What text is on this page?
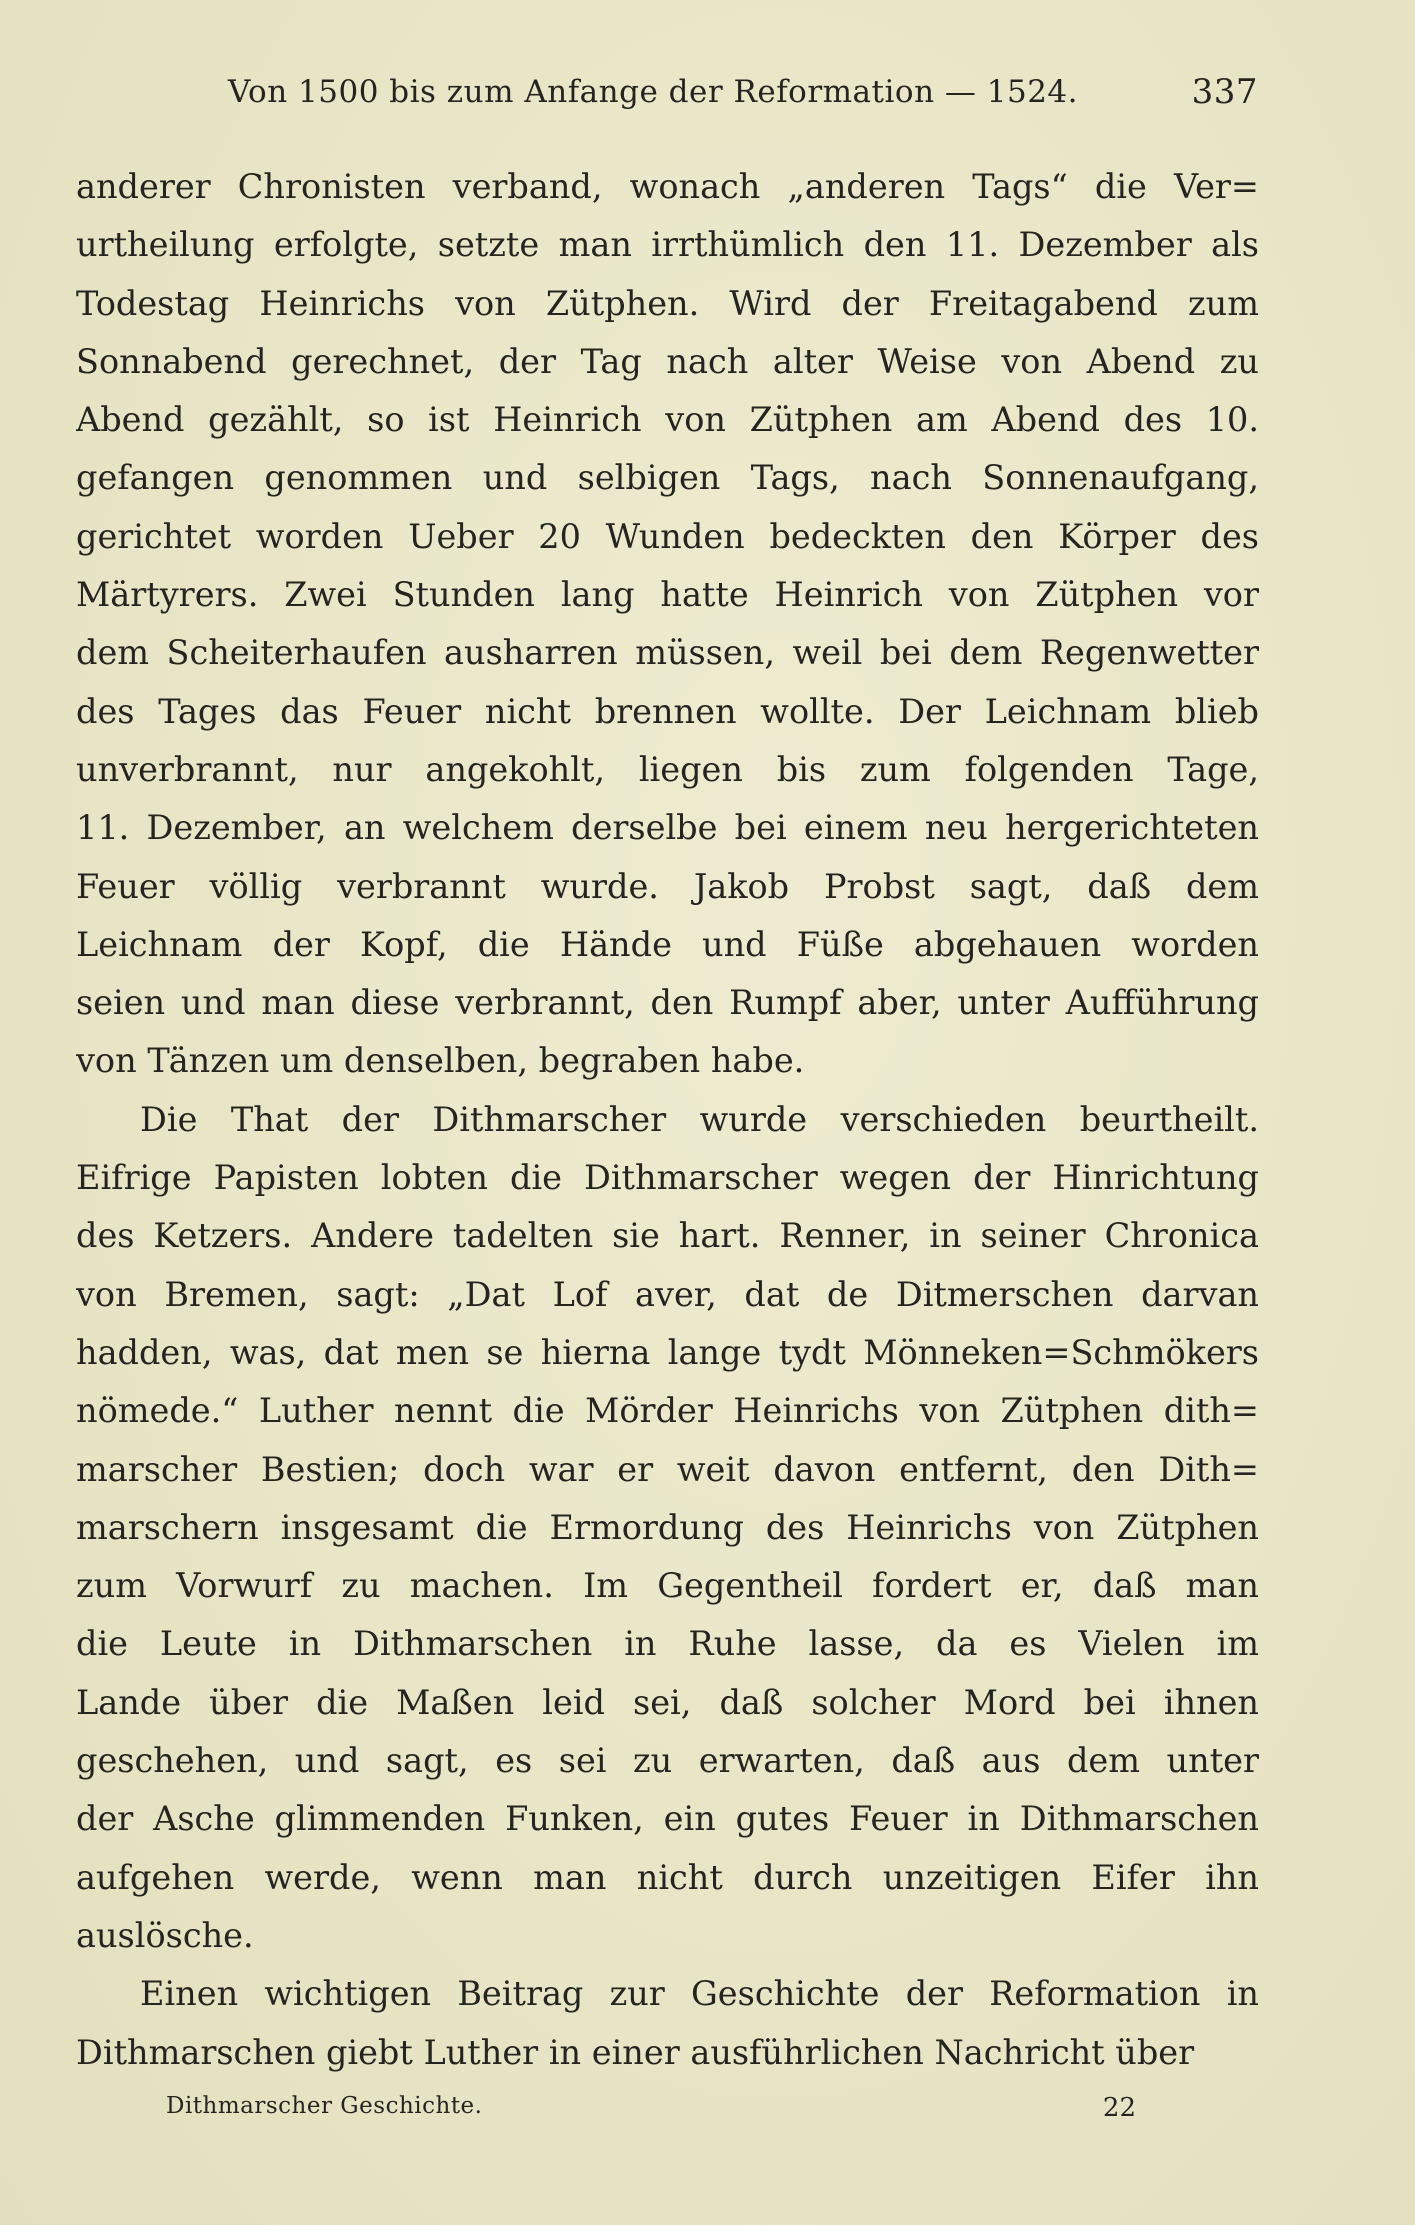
Von 1500 bis zum Anfange der Reformation — 1524.	337
anderer Chronisten verband, wonach „anderen Tags“ die Ver=
urtheilung erfolgte, setzte man irrthümlich den 11. Dezember als
Todestag Heinrichs von Zütphen. Wird der Freitagabend zum
Sonnabend gerechnet, der Tag nach alter Weise von Abend zu
Abend gezählt, so ist Heinrich von Zütphen am Abend des 10.
gefangen genommen und selbigen Tags, nach Sonnenaufgang,
gerichtet worden Ueber 20 Wunden bedeckten den Körper des
Märtyrers. Zwei Stunden lang hatte Heinrich von Zütphen vor
dem Scheiterhaufen ausharren müssen, weil bei dem Regenwetter
des Tages das Feuer nicht brennen wollte. Der Leichnam blieb
unverbrannt, nur angekohlt, liegen bis zum folgenden Tage,
11. Dezember, an welchem derselbe bei einem neu hergerichteten
Feuer völlig verbrannt wurde. Jakob Probst sagt, daß dem
Leichnam der Kopf, die Hände und Füße abgehauen worden
seien und man diese verbrannt, den Rumpf aber, unter Aufführung
von Tänzen um denselben, begraben habe.
Die That der Dithmarscher wurde verschieden beurtheilt.
Eifrige Papisten lobten die Dithmarscher wegen der Hinrichtung
des Ketzers. Andere tadelten sie hart. Renner, in seiner Chronica
von Bremen, sagt: „Dat Lof aver, dat de Ditmerschen darvan
hadden, was, dat men se hierna lange tydt Mönneken=Schmökers
nömede.“ Luther nennt die Mörder Heinrichs von Zütphen dith=
marscher Bestien; doch war er weit davon entfernt, den Dith=
marschern insgesamt die Ermordung des Heinrichs von Zütphen
zum Vorwurf zu machen. Im Gegentheil fordert er, daß man
die Leute in Dithmarschen in Ruhe lasse, da es Vielen im
Lande über die Maßen leid sei, daß solcher Mord bei ihnen
geschehen, und sagt, es sei zu erwarten, daß aus dem unter
der Asche glimmenden Funken, ein gutes Feuer in Dithmarschen
aufgehen werde, wenn man nicht durch unzeitigen Eifer ihn
auslösche.
Einen wichtigen Beitrag zur Geschichte der Reformation in
Dithmarschen giebt Luther in einer ausführlichen Nachricht über
Dithmarscher Geschichte.	22
